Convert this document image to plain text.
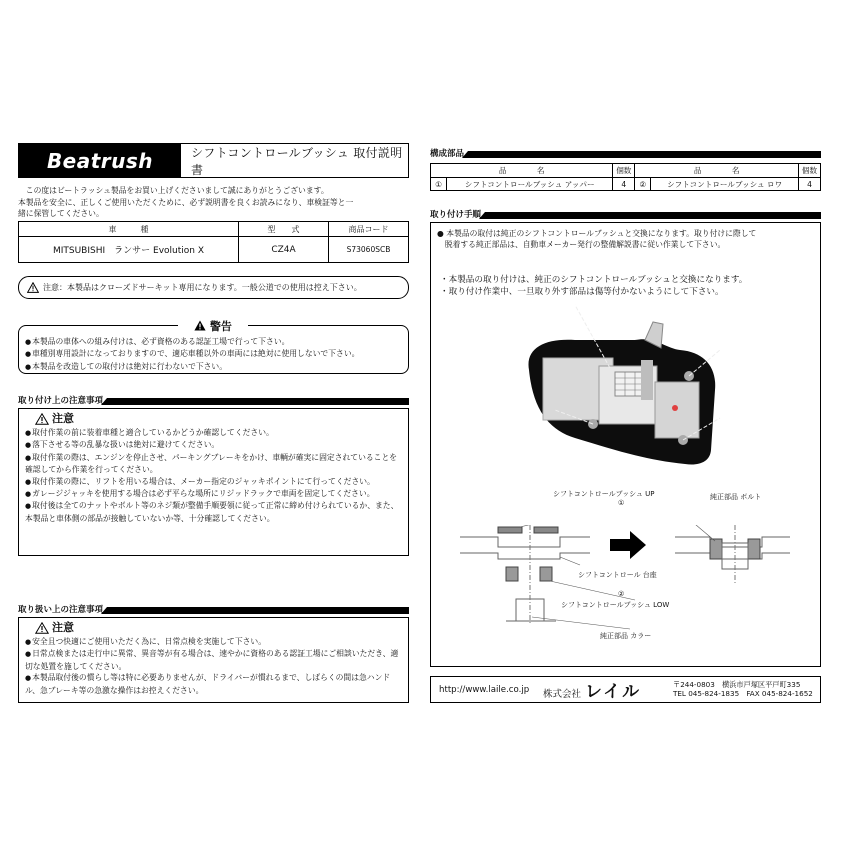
Beatrush	シフトコントロールブッシュ 取付説明書
　この度はビートラッシュ製品をお買い上げくださいまして誠にありがとうございます。
本製品を安全に、正しくご使用いただくために、必ず説明書を良くお読みになり、車検証等と一
緒に保管してください。
車　　　種	型　　式	商品コード
MITSUBISHI　ランサー Evolution Ⅹ	CZ4A	S73060SCB
注意：本製品はクローズドサーキット専用になります。一般公道での使用は控え下さい。
● 本製品の車体への組み付けは、必ず資格のある認証工場で行って下さい。
● 車種別専用設計になっておりますので、適応車種以外の車両には絶対に使用しないで下さい。
● 本製品を改造しての取付けは絶対に行わないで下さい。
警告
取り付け上の注意事項
注意
● 取付作業の前に装着車種と適合しているかどうか確認してください。
● 落下させる等の乱暴な扱いは絶対に避けてください。
● 取付作業の際は、エンジンを停止させ、パーキングブレーキをかけ、車輌が確実に固定されていることを確認してから作業を行ってください。
● 取付作業の際に、リフトを用いる場合は、メーカー指定のジャッキポイントにて行ってください。
● ガレージジャッキを使用する場合は必ず平らな場所にリジッドラックで車両を固定してください。
● 取付後は全てのナットやボルト等のネジ類が整備手順要領に従って正常に締め付けられているか、また、本製品と車体側の部品が接触していないか等、十分確認してください。
取り扱い上の注意事項
注意
● 安全且つ快適にご使用いただく為に、日常点検を実施して下さい。
● 日常点検または走行中に異常、異音等が有る場合は、速やかに資格のある認証工場にご相談いただき、適切な処置を施してください。
● 本製品取付後の慣らし等は特に必要ありませんが、ドライバーが慣れるまで、しばらくの間は急ハンドル、急ブレーキ等の急激な操作はお控えください。
構成部品
品　　　　名		個数	品　　　　名		個数
①	シフトコントロールブッシュ アッパー	4	②	シフトコントロールブッシュ ロワ	4
取り付け手順
● 本製品の取付は純正のシフトコントロールブッシュと交換になります。取り付けに際して
　脱着する純正部品は、自動車メーカー発行の整備解説書に従い作業して下さい。
・本製品の取り付けは、純正のシフトコントロールブッシュと交換になります。
・取り付け作業中、一旦取り外す部品は傷等付かないようにして下さい。
シフトコントロールブッシュ UP
①
純正部品 ボルト
シフトコントロール 台座
②
シフトコントロールブッシュ LOW
純正部品 カラー
http://www.laile.co.jp	株式会社 レイル	〒244-0803　横浜市戸塚区平戸町335
TEL 045-824-1835　FAX 045-824-1652
